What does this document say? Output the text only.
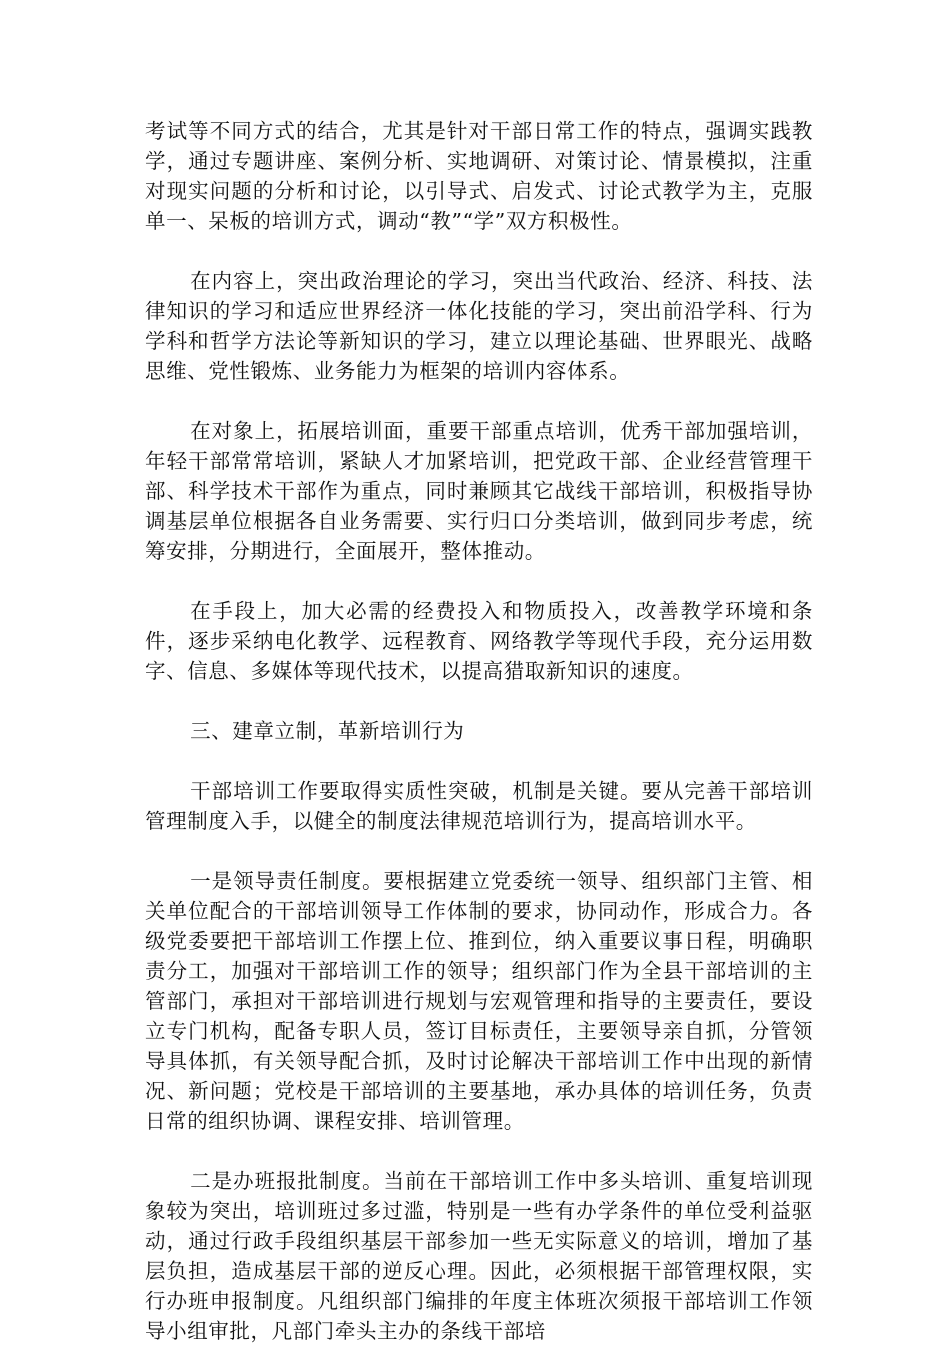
考试等不同方式的结合，尤其是针对干部日常工作的特点，强调实践教学，通过专题讲座、案例分析、实地调研、对策讨论、情景模拟，注重对现实问题的分析和讨论，以引导式、启发式、讨论式教学为主，克服单一、呆板的培训方式，调动“教”“学”双方积极性。

在内容上，突出政治理论的学习，突出当代政治、经济、科技、法律知识的学习和适应世界经济一体化技能的学习，突出前沿学科、行为学科和哲学方法论等新知识的学习，建立以理论基础、世界眼光、战略思维、党性锻炼、业务能力为框架的培训内容体系。

在对象上，拓展培训面，重要干部重点培训，优秀干部加强培训，年轻干部常常培训，紧缺人才加紧培训，把党政干部、企业经营管理干部、科学技术干部作为重点，同时兼顾其它战线干部培训，积极指导协调基层单位根据各自业务需要、实行归口分类培训，做到同步考虑，统筹安排，分期进行，全面展开，整体推动。

在手段上，加大必需的经费投入和物质投入，改善教学环境和条件，逐步采纳电化教学、远程教育、网络教学等现代手段，充分运用数字、信息、多媒体等现代技术，以提高猎取新知识的速度。

三、建章立制，革新培训行为

干部培训工作要取得实质性突破，机制是关键。要从完善干部培训管理制度入手，以健全的制度法律规范培训行为，提高培训水平。

一是领导责任制度。要根据建立党委统一领导、组织部门主管、相关单位配合的干部培训领导工作体制的要求，协同动作，形成合力。各级党委要把干部培训工作摆上位、推到位，纳入重要议事日程，明确职责分工，加强对干部培训工作的领导；组织部门作为全县干部培训的主管部门，承担对干部培训进行规划与宏观管理和指导的主要责任，要设立专门机构，配备专职人员，签订目标责任，主要领导亲自抓，分管领导具体抓，有关领导配合抓，及时讨论解决干部培训工作中出现的新情况、新问题；党校是干部培训的主要基地，承办具体的培训任务，负责日常的组织协调、课程安排、培训管理。

二是办班报批制度。当前在干部培训工作中多头培训、重复培训现象较为突出，培训班过多过滥，特别是一些有办学条件的单位受利益驱动，通过行政手段组织基层干部参加一些无实际意义的培训，增加了基层负担，造成基层干部的逆反心理。因此，必须根据干部管理权限，实行办班申报制度。凡组织部门编排的年度主体班次须报干部培训工作领导小组审批，凡部门牵头主办的条线干部培
